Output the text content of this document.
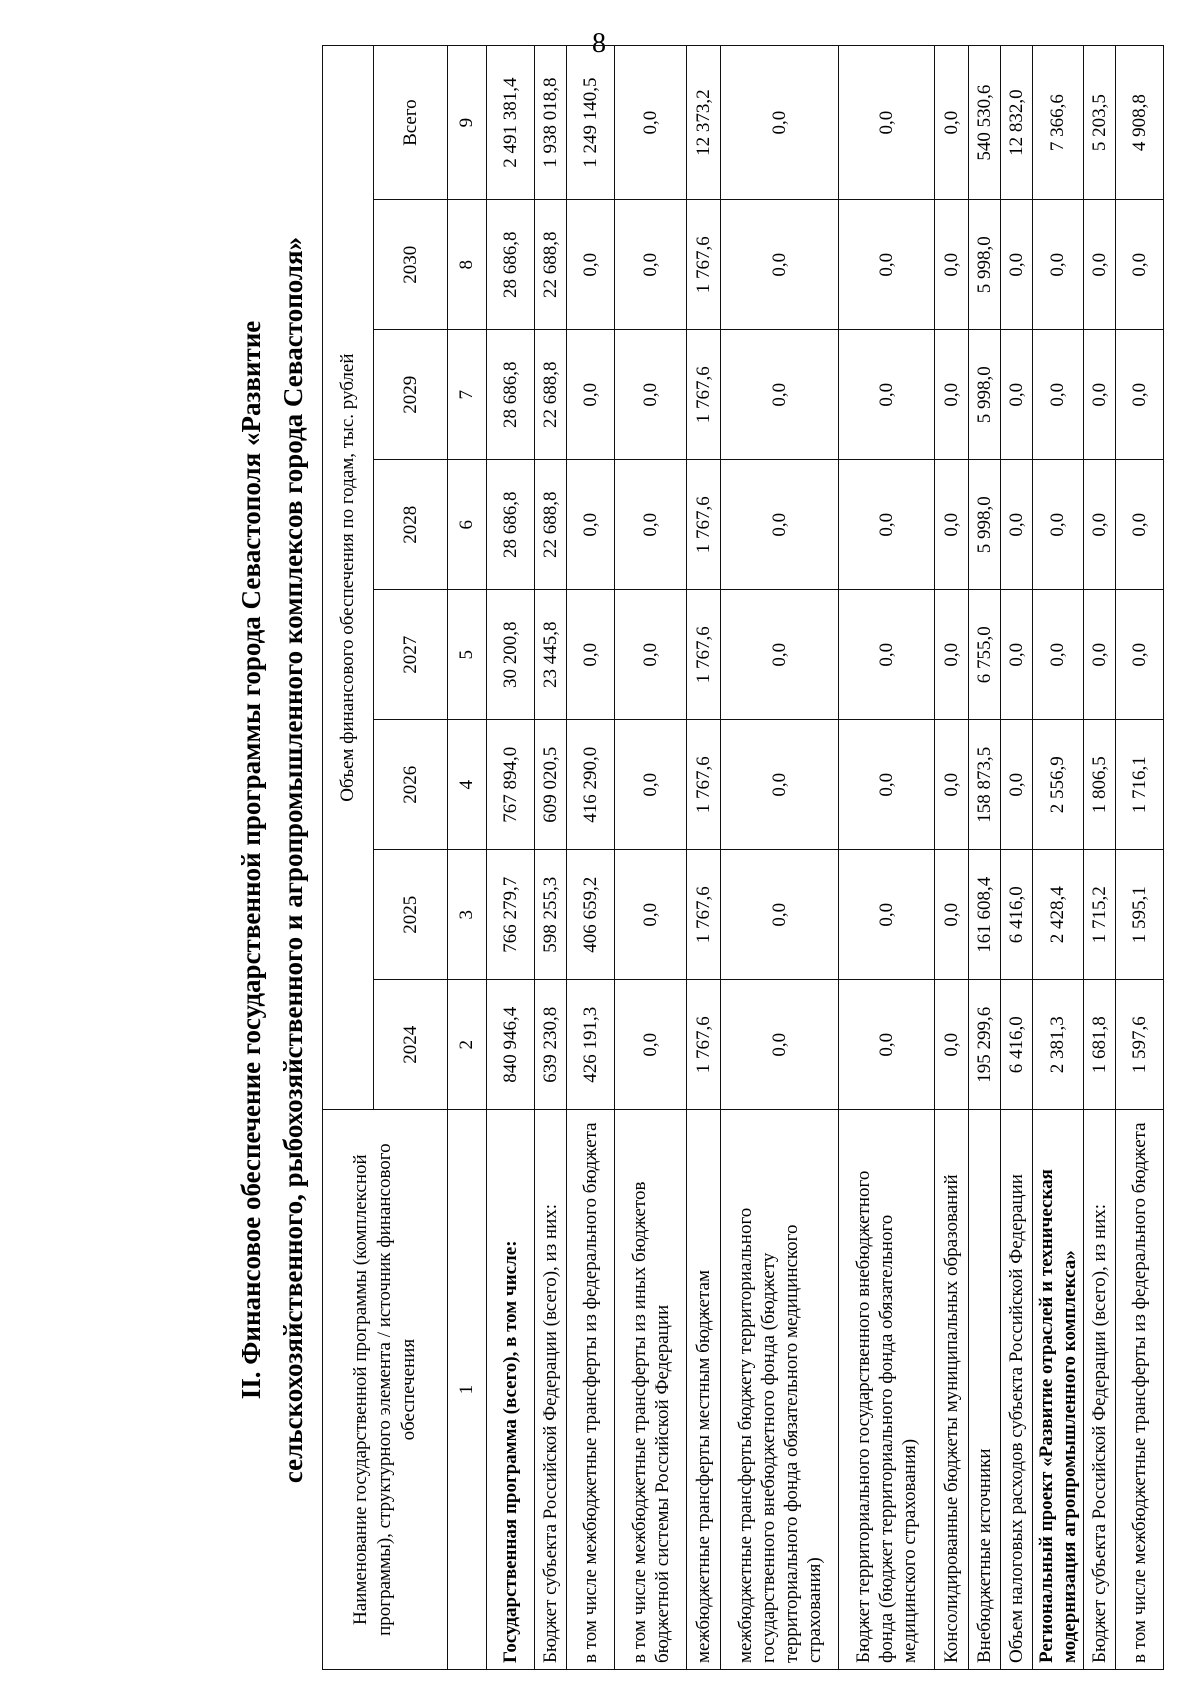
8
II. Финансовое обеспечение государственной программы города Севастополя «Развитие сельскохозяйственного, рыбохозяйственного и агропромышленного комплексов города Севастополя»	Наименование государственной программы (комплексной программы), структурного элемента / источник финансового обеспечения	Объем финансового обеспечения по годам, тыс. рублей							
	2024	2025	2026	2027	2028	2029	2030	Всего
1	2	3	4	5	6	7	8	9
Государственная программа (всего), в том числе:	840 946,4	766 279,7	767 894,0	30 200,8	28 686,8	28 686,8	28 686,8	2 491 381,4
Бюджет субъекта Российской Федерации (всего), из них:	639 230,8	598 255,3	609 020,5	23 445,8	22 688,8	22 688,8	22 688,8	1 938 018,8
в том числе межбюджетные трансферты из федерального бюджета	426 191,3	406 659,2	416 290,0	0,0	0,0	0,0	0,0	1 249 140,5
в том числе межбюджетные трансферты из иных бюджетов бюджетной системы Российской Федерации	0,0	0,0	0,0	0,0	0,0	0,0	0,0	0,0
межбюджетные трансферты местным бюджетам	1 767,6	1 767,6	1 767,6	1 767,6	1 767,6	1 767,6	1 767,6	12 373,2
межбюджетные трансферты бюджету территориального государственного внебюджетного фонда (бюджету территориального фонда обязательного медицинского страхования)	0,0	0,0	0,0	0,0	0,0	0,0	0,0	0,0
Бюджет территориального государственного внебюджетного фонда (бюджет территориального фонда обязательного медицинского страхования)	0,0	0,0	0,0	0,0	0,0	0,0	0,0	0,0
Консолидированные бюджеты муниципальных образований	0,0	0,0	0,0	0,0	0,0	0,0	0,0	0,0
Внебюджетные источники	195 299,6	161 608,4	158 873,5	6 755,0	5 998,0	5 998,0	5 998,0	540 530,6
Объем налоговых расходов субъекта Российской Федерации	6 416,0	6 416,0	0,0	0,0	0,0	0,0	0,0	12 832,0
Региональный проект «Развитие отраслей и техническая модернизация агропромышленного комплекса»	2 381,3	2 428,4	2 556,9	0,0	0,0	0,0	0,0	7 366,6
Бюджет субъекта Российской Федерации (всего), из них:	1 681,8	1 715,2	1 806,5	0,0	0,0	0,0	0,0	5 203,5
в том числе межбюджетные трансферты из федерального бюджета	1 597,6	1 595,1	1 716,1	0,0	0,0	0,0	0,0	4 908,8
